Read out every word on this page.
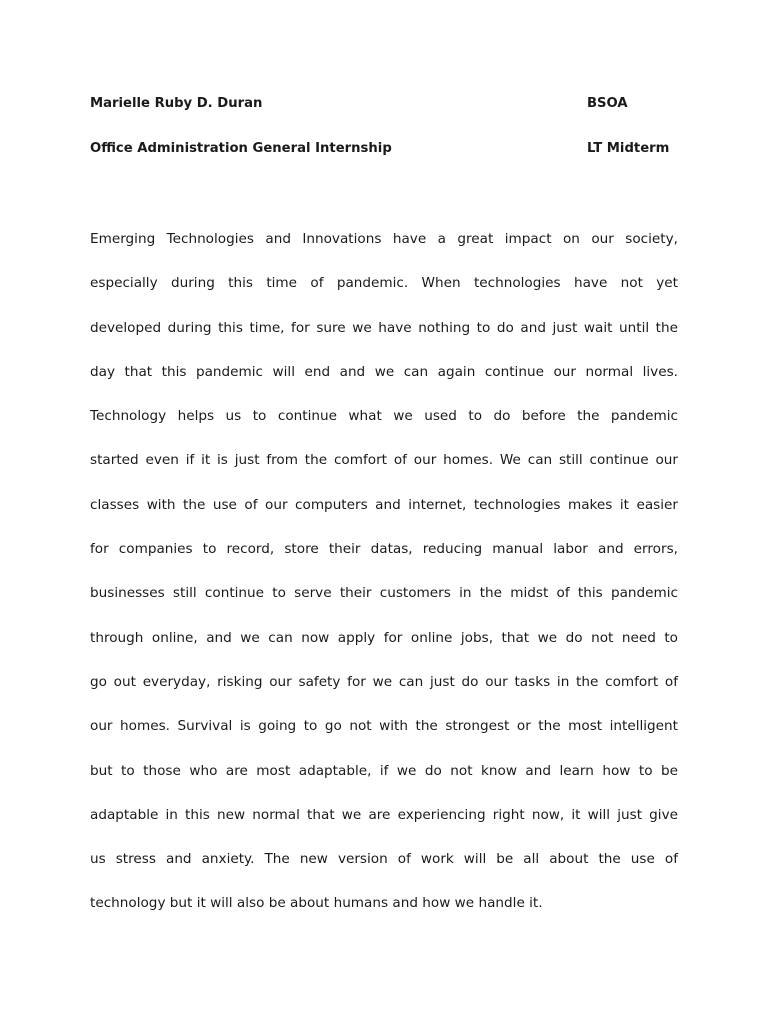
Marielle Ruby D. Duran	BSOA
Office Administration General Internship	LT Midterm
Emerging Technologies and Innovations have a great impact on our society,
especially during this time of pandemic. When technologies have not yet
developed during this time, for sure we have nothing to do and just wait until the
day that this pandemic will end and we can again continue our normal lives.
Technology helps us to continue what we used to do before the pandemic
started even if it is just from the comfort of our homes. We can still continue our
classes with the use of our computers and internet, technologies makes it easier
for companies to record, store their datas, reducing manual labor and errors,
businesses still continue to serve their customers in the midst of this pandemic
through online, and we can now apply for online jobs, that we do not need to
go out everyday, risking our safety for we can just do our tasks in the comfort of
our homes. Survival is going to go not with the strongest or the most intelligent
but to those who are most adaptable, if we do not know and learn how to be
adaptable in this new normal that we are experiencing right now, it will just give
us stress and anxiety. The new version of work will be all about the use of
technology but it will also be about humans and how we handle it.
